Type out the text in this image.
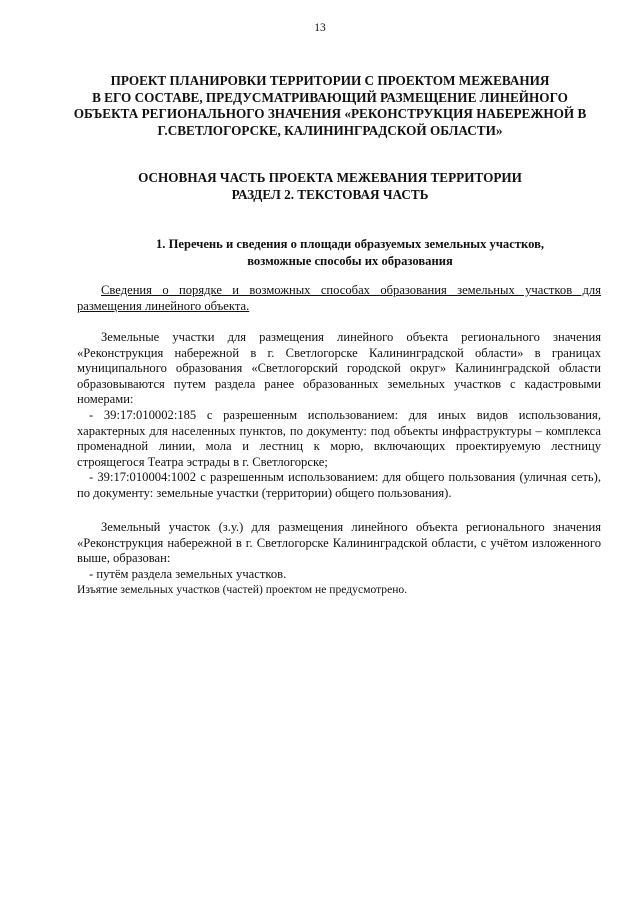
13
ПРОЕКТ ПЛАНИРОВКИ ТЕРРИТОРИИ С ПРОЕКТОМ МЕЖЕВАНИЯ
В ЕГО СОСТАВЕ, ПРЕДУСМАТРИВАЮЩИЙ РАЗМЕЩЕНИЕ ЛИНЕЙНОГО
ОБЪЕКТА РЕГИОНАЛЬНОГО ЗНАЧЕНИЯ «РЕКОНСТРУКЦИЯ НАБЕРЕЖНОЙ В
Г.СВЕТЛОГОРСКЕ, КАЛИНИНГРАДСКОЙ ОБЛАСТИ»
ОСНОВНАЯ ЧАСТЬ ПРОЕКТА МЕЖЕВАНИЯ ТЕРРИТОРИИ
РАЗДЕЛ 2. ТЕКСТОВАЯ ЧАСТЬ
1. Перечень и сведения о площади образуемых земельных участков, возможные способы их образования

Сведения о порядке и возможных способах образования земельных участков для размещения линейного объекта.

Земельные участки для размещения линейного объекта регионального значения «Реконструкция набережной в г. Светлогорске Калининградской области» в границах муниципального образования «Светлогорский городской округ» Калининградской области образовываются путем раздела ранее образованных земельных участков с кадастровыми номерами:

- 39:17:010002:185 с разрешенным использованием: для иных видов использования, характерных для населенных пунктов, по документу: под объекты инфраструктуры – комплекса променадной линии, мола и лестниц к морю, включающих проектируемую лестницу строящегося Театра эстрады в г. Светлогорске;

- 39:17:010004:1002 с разрешенным использованием: для общего пользования (уличная сеть), по документу: земельные участки (территории) общего пользования).

Земельный участок (з.у.) для размещения линейного объекта регионального значения «Реконструкция набережной в г. Светлогорске Калининградской области, с учётом изложенного выше, образован:

- путём раздела земельных участков.

Изъятие земельных участков (частей) проектом не предусмотрено.
